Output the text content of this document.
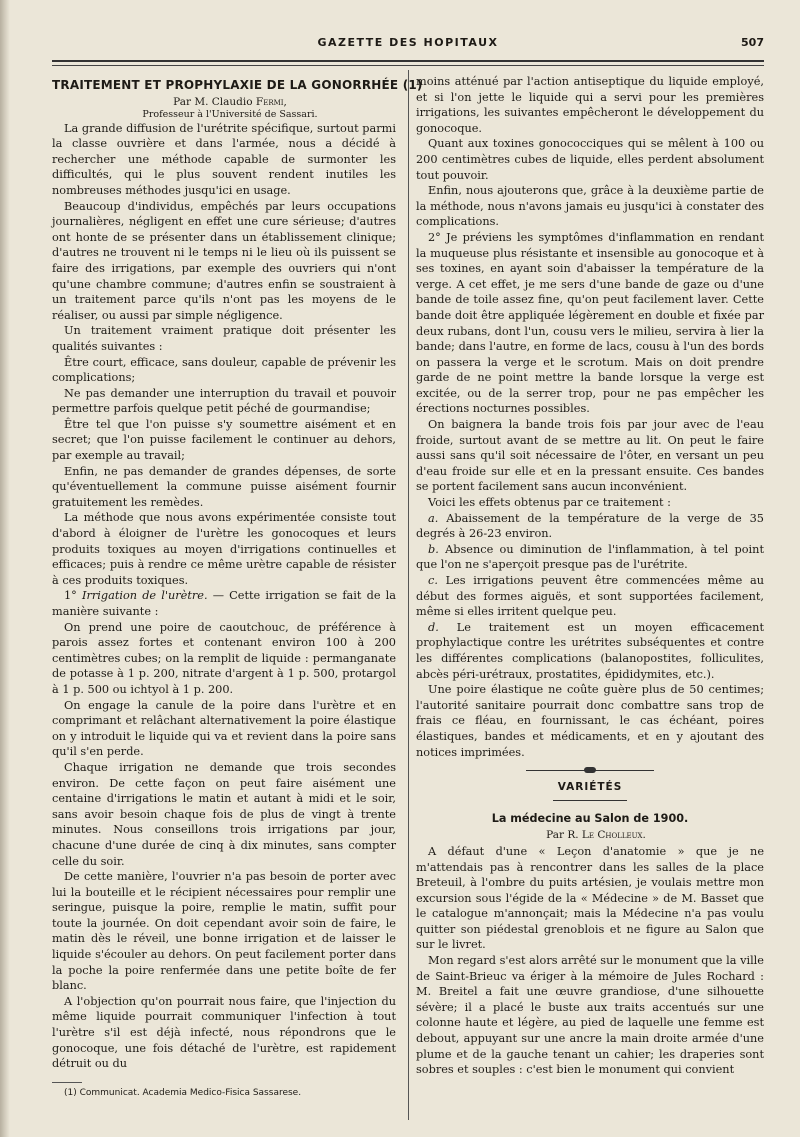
GAZETTE DES HOPITAUX	507
TRAITEMENT ET PROPHYLAXIE DE LA GONORRHÉE (1)

Par M. Claudio Fermi,

Professeur à l'Université de Sassari.

La grande diffusion de l'urétrite spécifique, surtout parmi la classe ouvrière et dans l'armée, nous a décidé à rechercher une méthode capable de surmonter les difficultés, qui le plus souvent rendent inutiles les nombreuses méthodes jusqu'ici en usage.

Beaucoup d'individus, empêchés par leurs occupations journalières, négligent en effet une cure sérieuse; d'autres ont honte de se présenter dans un établissement clinique; d'autres ne trouvent ni le temps ni le lieu où ils puissent se faire des irrigations, par exemple des ouvriers qui n'ont qu'une chambre commune; d'autres enfin se soustraient à un traitement parce qu'ils n'ont pas les moyens de le réaliser, ou aussi par simple négligence.

Un traitement vraiment pratique doit présenter les qualités suivantes :

Être court, efficace, sans douleur, capable de prévenir les complications;

Ne pas demander une interruption du travail et pouvoir permettre parfois quelque petit péché de gourmandise;

Être tel que l'on puisse s'y soumettre aisément et en secret; que l'on puisse facilement le continuer au dehors, par exemple au travail;

Enfin, ne pas demander de grandes dépenses, de sorte qu'éventuellement la commune puisse aisément fournir gratuitement les remèdes.

La méthode que nous avons expérimentée consiste tout d'abord à éloigner de l'urètre les gonocoques et leurs produits toxiques au moyen d'irrigations continuelles et efficaces; puis à rendre ce même urètre capable de résister à ces produits toxiques.

1° Irrigation de l'urètre. — Cette irrigation se fait de la manière suivante :

On prend une poire de caoutchouc, de préférence à parois assez fortes et contenant environ 100 à 200 centimètres cubes; on la remplit de liquide : permanganate de potasse à 1 p. 200, nitrate d'argent à 1 p. 500, protargol à 1 p. 500 ou ichtyol à 1 p. 200.

On engage la canule de la poire dans l'urètre et en comprimant et relâchant alternativement la poire élastique on y introduit le liquide qui va et revient dans la poire sans qu'il s'en perde.

Chaque irrigation ne demande que trois secondes environ. De cette façon on peut faire aisément une centaine d'irrigations le matin et autant à midi et le soir, sans avoir besoin chaque fois de plus de vingt à trente minutes. Nous conseillons trois irrigations par jour, chacune d'une durée de cinq à dix minutes, sans compter celle du soir.

De cette manière, l'ouvrier n'a pas besoin de porter avec lui la bouteille et le récipient nécessaires pour remplir une seringue, puisque la poire, remplie le matin, suffit pour toute la journée. On doit cependant avoir soin de faire, le matin dès le réveil, une bonne irrigation et de laisser le liquide s'écouler au dehors. On peut facilement porter dans la poche la poire renfermée dans une petite boîte de fer blanc.

A l'objection qu'on pourrait nous faire, que l'injection du même liquide pourrait communiquer l'infection à tout l'urètre s'il est déjà infecté, nous répondrons que le gonocoque, une fois détaché de l'urètre, est rapidement détruit ou du

(1) Communicat. Academia Medico-Fisica Sassarese.

moins atténué par l'action antiseptique du liquide employé, et si l'on jette le liquide qui a servi pour les premières irrigations, les suivantes empêcheront le développement du gonocoque.

Quant aux toxines gonococciques qui se mêlent à 100 ou 200 centimètres cubes de liquide, elles perdent absolument tout pouvoir.

Enfin, nous ajouterons que, grâce à la deuxième partie de la méthode, nous n'avons jamais eu jusqu'ici à constater des complications.

2° Je préviens les symptômes d'inflammation en rendant la muqueuse plus résistante et insensible au gonocoque et à ses toxines, en ayant soin d'abaisser la température de la verge. A cet effet, je me sers d'une bande de gaze ou d'une bande de toile assez fine, qu'on peut facilement laver. Cette bande doit être appliquée légèrement en double et fixée par deux rubans, dont l'un, cousu vers le milieu, servira à lier la bande; dans l'autre, en forme de lacs, cousu à l'un des bords on passera la verge et le scrotum. Mais on doit prendre garde de ne point mettre la bande lorsque la verge est excitée, ou de la serrer trop, pour ne pas empêcher les érections nocturnes possibles.

On baignera la bande trois fois par jour avec de l'eau froide, surtout avant de se mettre au lit. On peut le faire aussi sans qu'il soit nécessaire de l'ôter, en versant un peu d'eau froide sur elle et en la pressant ensuite. Ces bandes se portent facilement sans aucun inconvénient.

Voici les effets obtenus par ce traitement :

a. Abaissement de la température de la verge de 35 degrés à 26-23 environ.

b. Absence ou diminution de l'inflammation, à tel point que l'on ne s'aperçoit presque pas de l'urétrite.

c. Les irrigations peuvent être commencées même au début des formes aiguës, et sont supportées facilement, même si elles irritent quelque peu.

d. Le traitement est un moyen efficacement prophylactique contre les urétrites subséquentes et contre les différentes complications (balanopostites, folliculites, abcès péri-urétraux, prostatites, épididymites, etc.).

Une poire élastique ne coûte guère plus de 50 centimes; l'autorité sanitaire pourrait donc combattre sans trop de frais ce fléau, en fournissant, le cas échéant, poires élastiques, bandes et médicaments, et en y ajoutant des notices imprimées.

VARIÉTÉS
La médecine au Salon de 1900.

Par R. Le Cholleux.

A défaut d'une « Leçon d'anatomie » que je ne m'attendais pas à rencontrer dans les salles de la place Breteuil, à l'ombre du puits artésien, je voulais mettre mon excursion sous l'égide de la « Médecine » de M. Basset que le catalogue m'annonçait; mais la Médecine n'a pas voulu quitter son piédestal grenoblois et ne figure au Salon que sur le livret.

Mon regard s'est alors arrêté sur le monument que la ville de Saint-Brieuc va ériger à la mémoire de Jules Rochard : M. Breitel a fait une œuvre grandiose, d'une silhouette sévère; il a placé le buste aux traits accentués sur une colonne haute et légère, au pied de laquelle une femme est debout, appuyant sur une ancre la main droite armée d'une plume et de la gauche tenant un cahier; les draperies sont sobres et souples : c'est bien le monument qui convient
